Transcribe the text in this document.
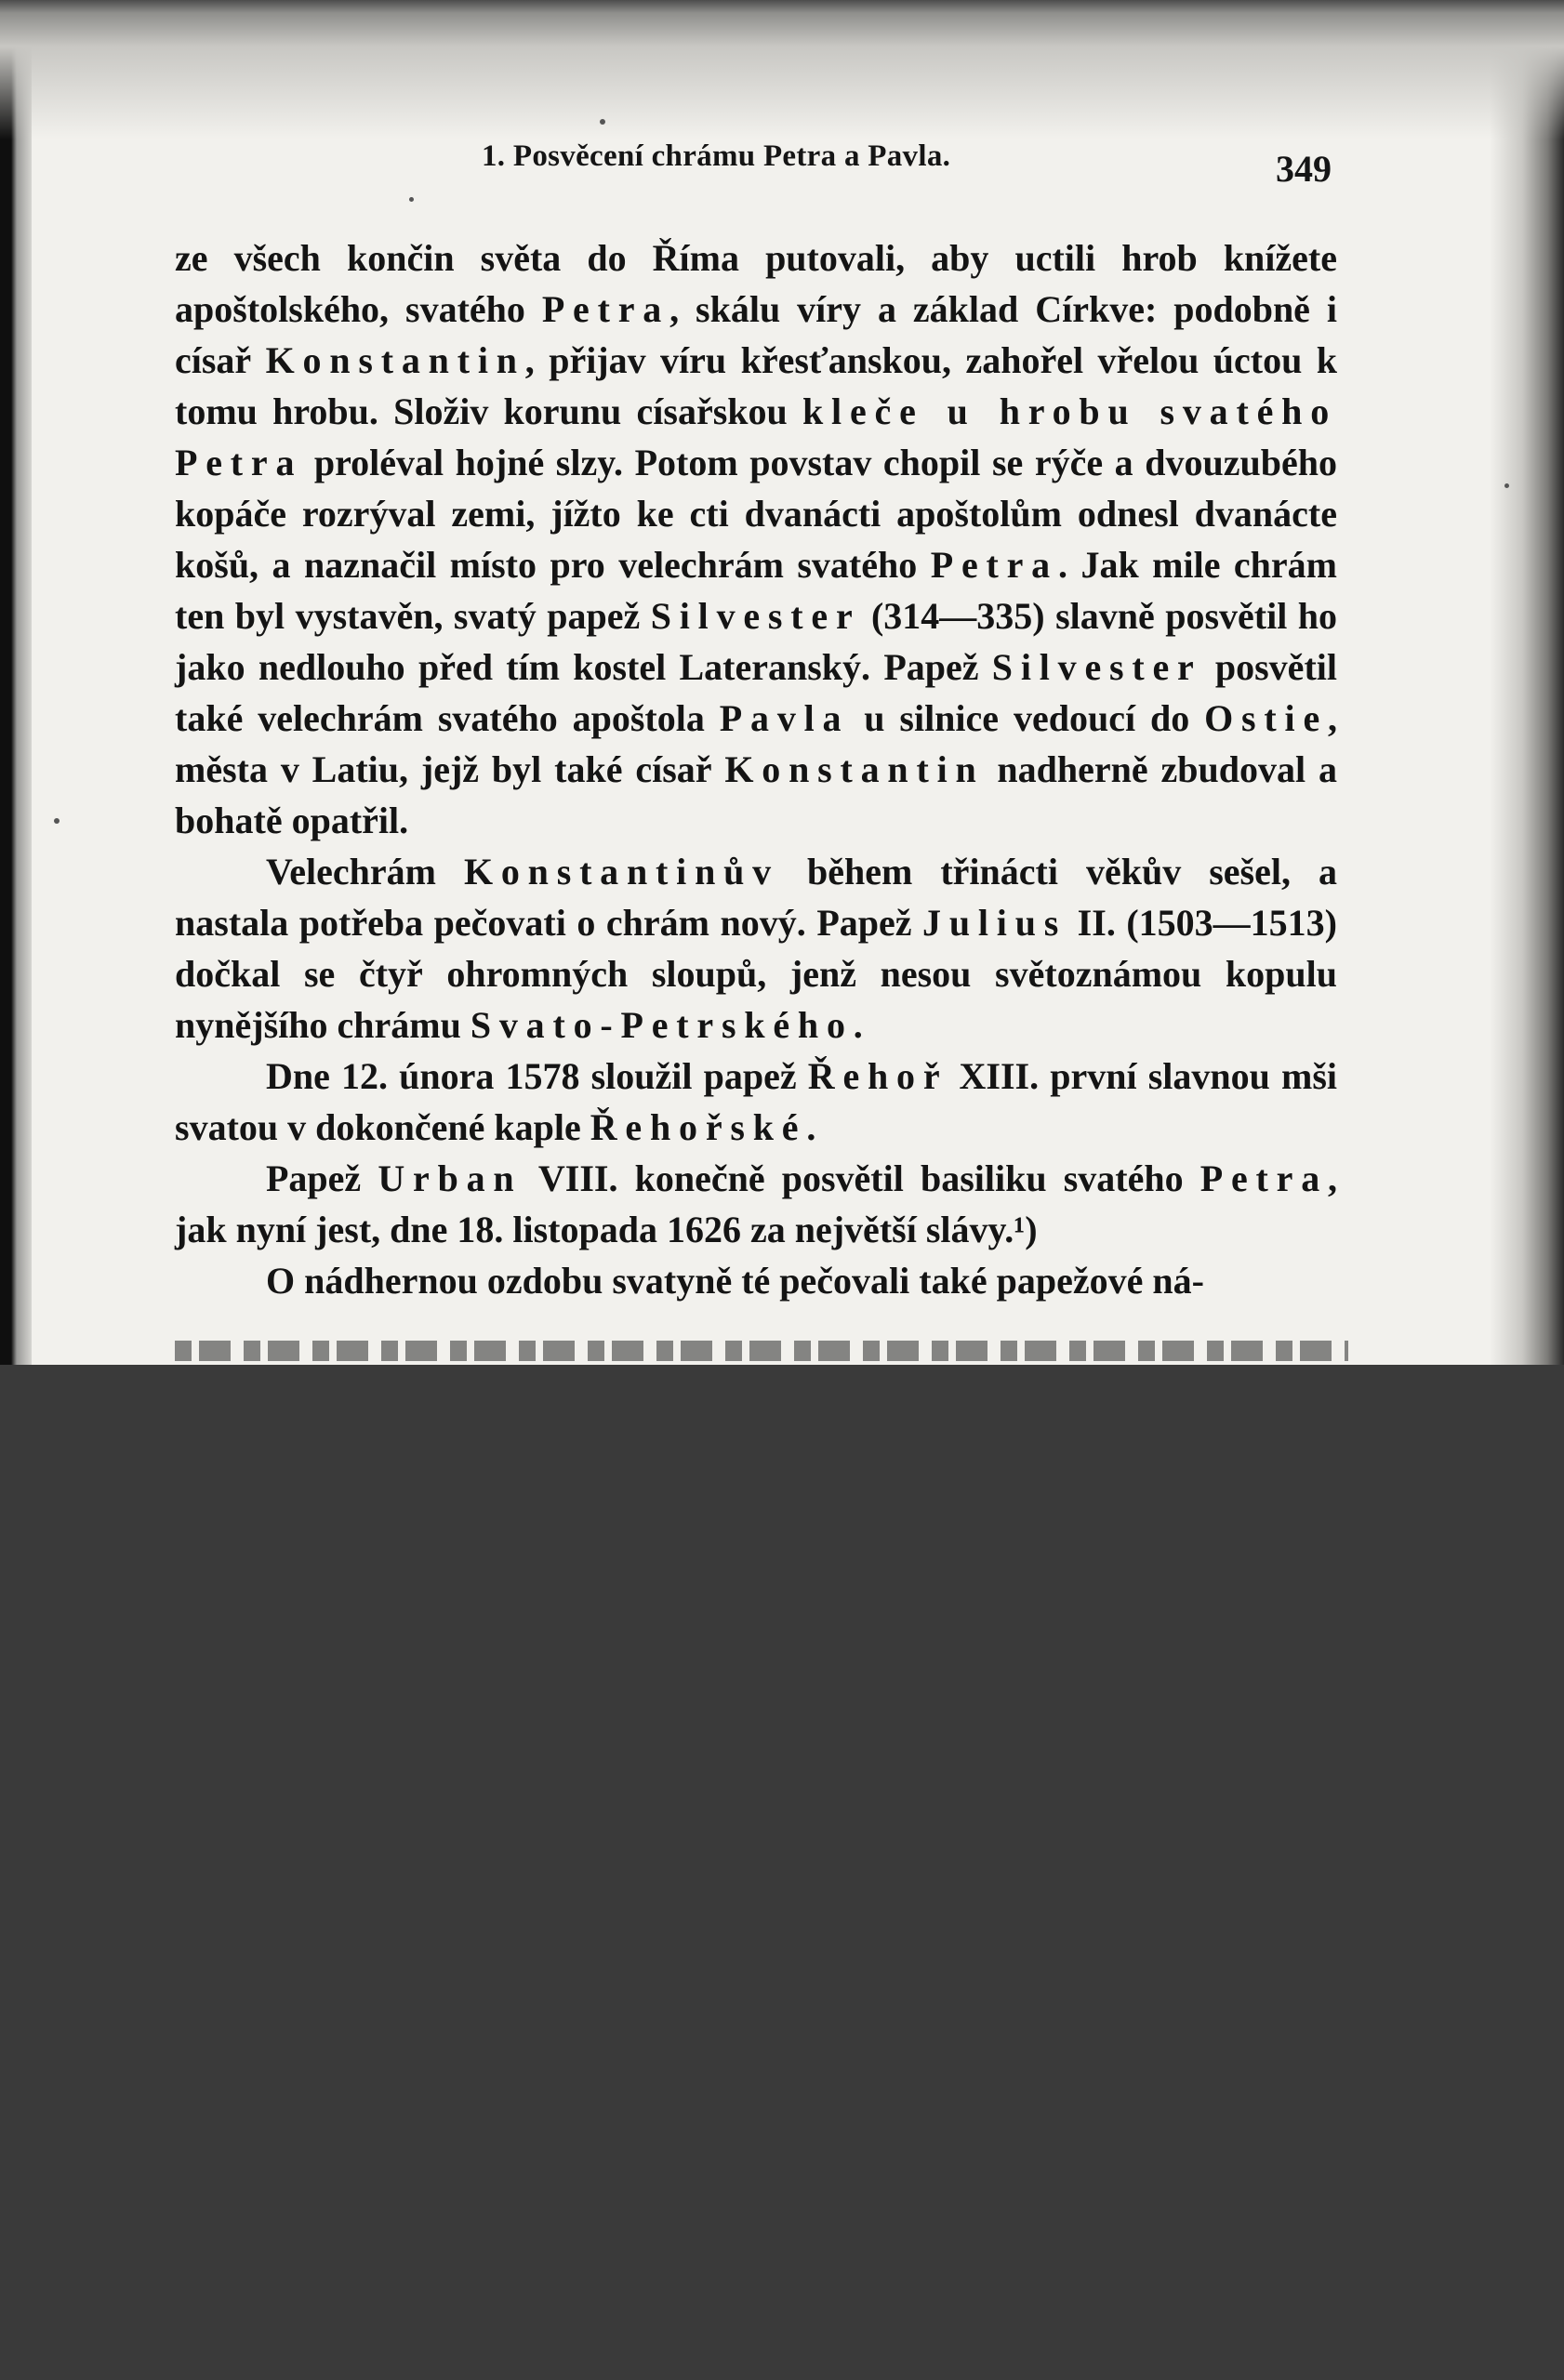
1. Posvěcení chrámu Petra a Pavla.	349

ze všech končin světa do Říma putovali, aby uctili hrob knížete apoštolského, svatého Petra, skálu víry a základ Církve: podobně i císař Konstantin, přijav víru křesťanskou, zahořel vřelou úctou k tomu hrobu. Složiv korunu císařskou kleče u hrobu svatého Petra proléval hojné slzy. Potom povstav chopil se rýče a dvouzubého kopáče rozrýval zemi, jížto ke cti dvanácti apoštolům odnesl dvanácte košů, a naznačil místo pro velechrám svatého Petra. Jak mile chrám ten byl vystavěn, svatý papež Silvester (314—335) slavně posvětil ho jako nedlouho před tím kostel Lateranský. Papež Silvester posvětil také velechrám svatého apoštola Pavla u silnice vedoucí do Ostie, města v Latiu, jejž byl také císař Konstantin nadherně zbudoval a bohatě opatřil.

Velechrám Konstantinův během třinácti věkův sešel, a nastala potřeba pečovati o chrám nový. Papež Julius II. (1503—1513) dočkal se čtyř ohromných sloupů, jenž nesou světoznámou kopulu nynějšího chrámu Svato-Petrského.

Dne 12. února 1578 sloužil papež Řehoř XIII. první slavnou mši svatou v dokončené kaple Řehořské.

Papež Urban VIII. konečně posvětil basiliku svatého Petra, jak nyní jest, dne 18. listopada 1626 za největší slávy.¹)

O nádhernou ozdobu svatyně té pečovali také papežové ná-
